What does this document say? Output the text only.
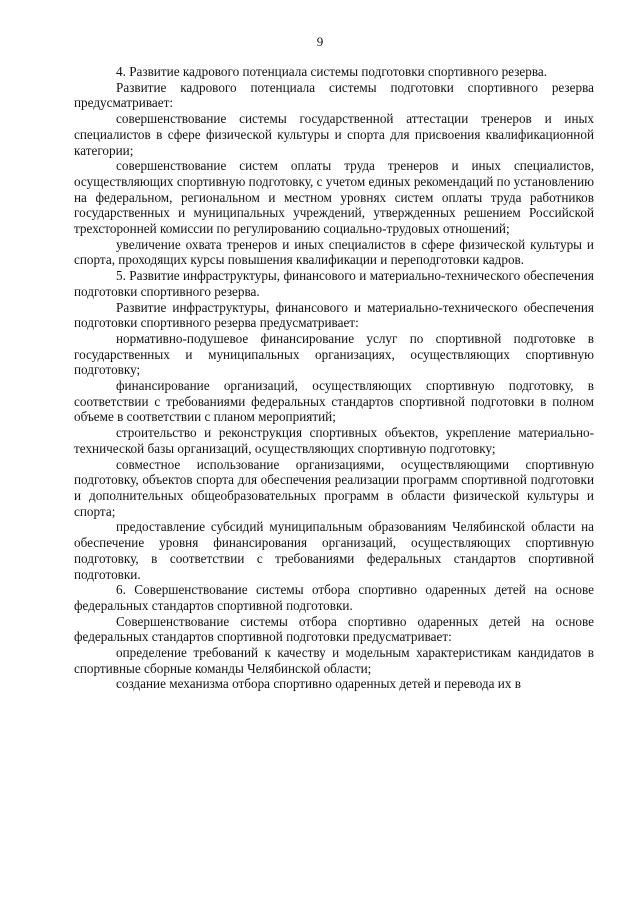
9

4. Развитие кадрового потенциала системы подготовки спортивного резерва.

Развитие кадрового потенциала системы подготовки спортивного резерва предусматривает:

совершенствование системы государственной аттестации тренеров и иных специалистов в сфере физической культуры и спорта для присвоения квалификационной категории;

совершенствование систем оплаты труда тренеров и иных специалистов, осуществляющих спортивную подготовку, с учетом единых рекомендаций по установлению на федеральном, региональном и местном уровнях систем оплаты труда работников государственных и муниципальных учреждений, утвержденных решением Российской трехсторонней комиссии по регулированию социально-трудовых отношений;

увеличение охвата тренеров и иных специалистов в сфере физической культуры и спорта, проходящих курсы повышения квалификации и переподготовки кадров.

5. Развитие инфраструктуры, финансового и материально-технического обеспечения подготовки спортивного резерва.

Развитие инфраструктуры, финансового и материально-технического обеспечения подготовки спортивного резерва предусматривает:

нормативно-подушевое финансирование услуг по спортивной подготовке в государственных и муниципальных организациях, осуществляющих спортивную подготовку;

финансирование организаций, осуществляющих спортивную подготовку, в соответствии с требованиями федеральных стандартов спортивной подготовки в полном объеме в соответствии с планом мероприятий;

строительство и реконструкция спортивных объектов, укрепление материально-технической базы организаций, осуществляющих спортивную подготовку;

совместное использование организациями, осуществляющими спортивную подготовку, объектов спорта для обеспечения реализации программ спортивной подготовки и дополнительных общеобразовательных программ в области физической культуры и спорта;

предоставление субсидий муниципальным образованиям Челябинской области на обеспечение уровня финансирования организаций, осуществляющих спортивную подготовку, в соответствии с требованиями федеральных стандартов спортивной подготовки.

6. Совершенствование системы отбора спортивно одаренных детей на основе федеральных стандартов спортивной подготовки.

Совершенствование системы отбора спортивно одаренных детей на основе федеральных стандартов спортивной подготовки предусматривает:

определение требований к качеству и модельным характеристикам кандидатов в спортивные сборные команды Челябинской области;

создание механизма отбора спортивно одаренных детей и перевода их в
